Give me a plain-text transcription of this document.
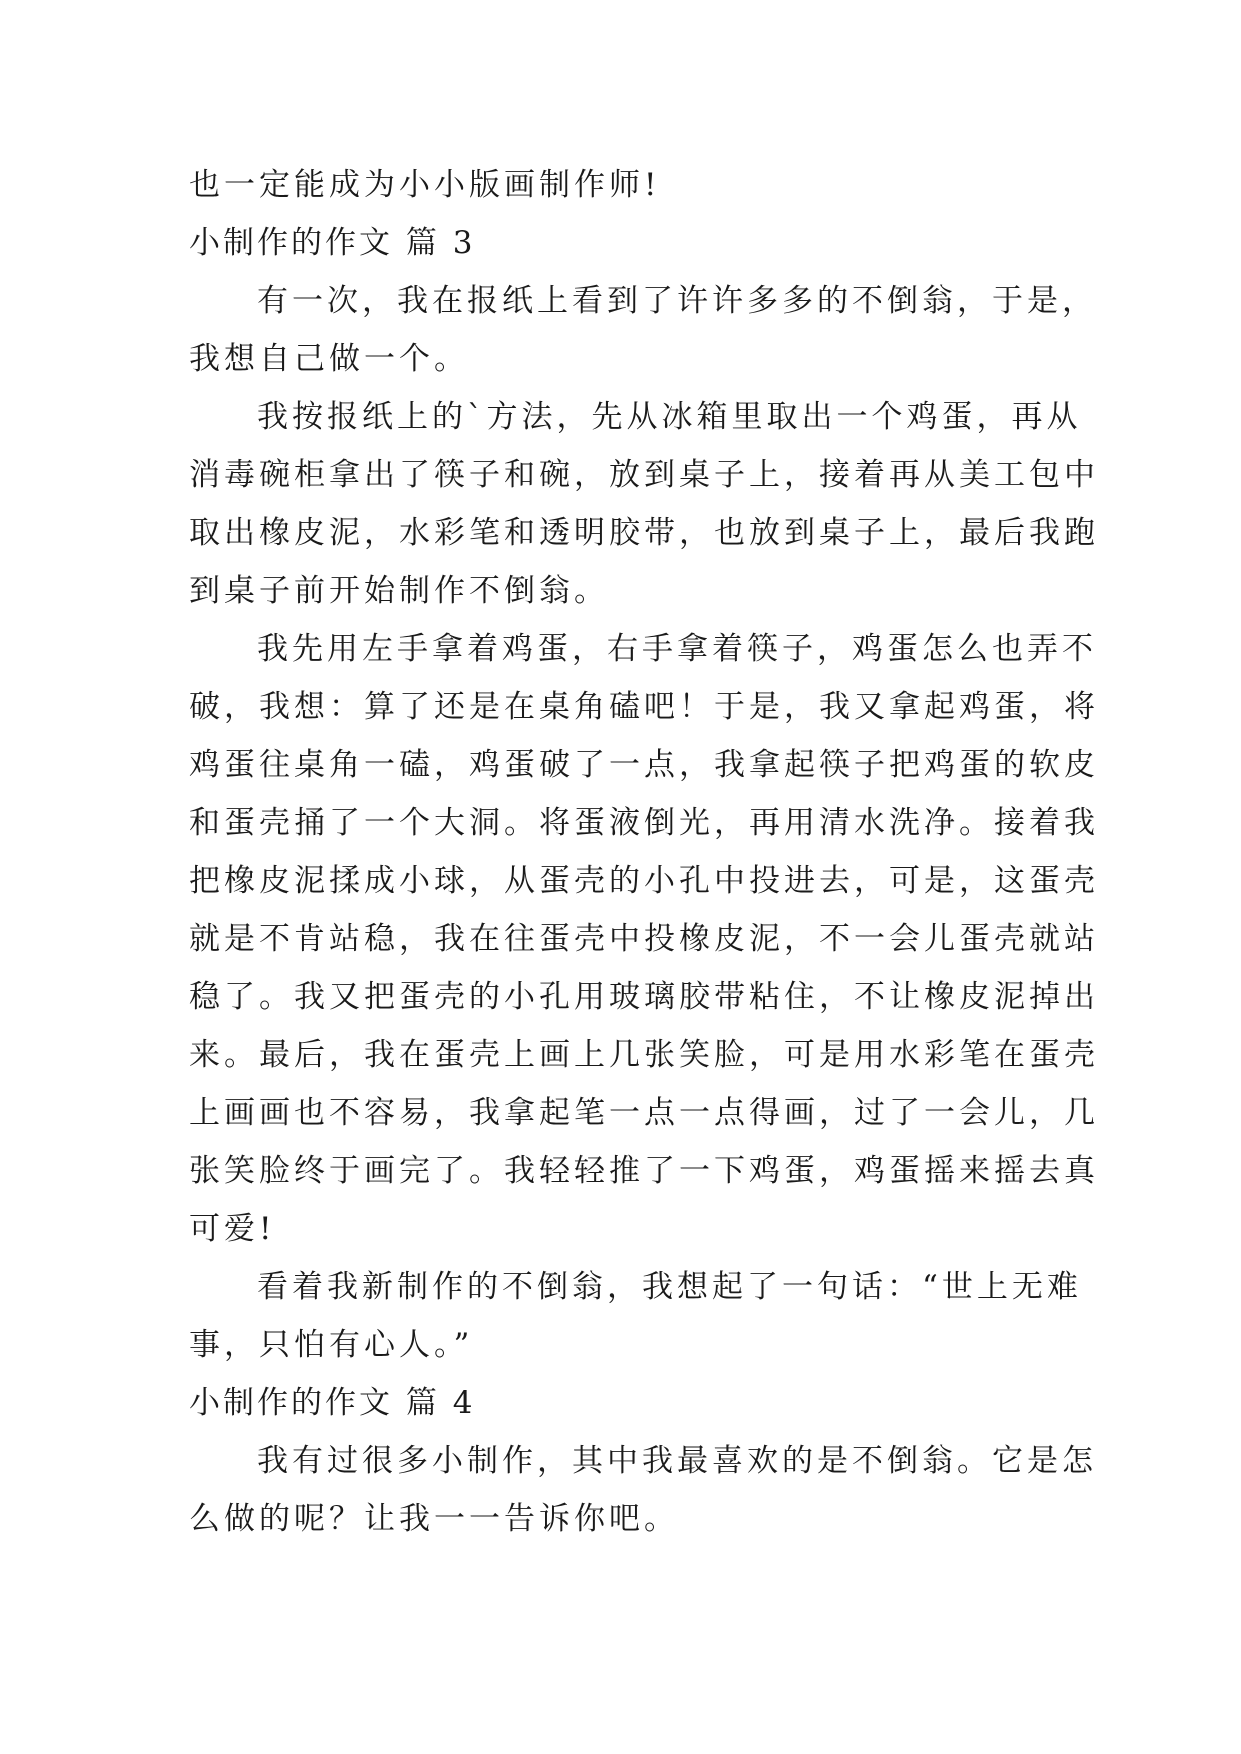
也一定能成为小小版画制作师!
小制作的作文 篇 3
有一次，我在报纸上看到了许许多多的不倒翁，于是，
我想自己做一个。
我按报纸上的`方法，先从冰箱里取出一个鸡蛋，再从
消毒碗柜拿出了筷子和碗，放到桌子上，接着再从美工包中
取出橡皮泥，水彩笔和透明胶带，也放到桌子上，最后我跑
到桌子前开始制作不倒翁。
我先用左手拿着鸡蛋，右手拿着筷子，鸡蛋怎么也弄不
破，我想：算了还是在桌角磕吧！于是，我又拿起鸡蛋，将
鸡蛋往桌角一磕，鸡蛋破了一点，我拿起筷子把鸡蛋的软皮
和蛋壳捅了一个大洞。将蛋液倒光，再用清水洗净。接着我
把橡皮泥揉成小球，从蛋壳的小孔中投进去，可是，这蛋壳
就是不肯站稳，我在往蛋壳中投橡皮泥，不一会儿蛋壳就站
稳了。我又把蛋壳的小孔用玻璃胶带粘住，不让橡皮泥掉出
来。最后，我在蛋壳上画上几张笑脸，可是用水彩笔在蛋壳
上画画也不容易，我拿起笔一点一点得画，过了一会儿，几
张笑脸终于画完了。我轻轻推了一下鸡蛋，鸡蛋摇来摇去真
可爱!
看着我新制作的不倒翁，我想起了一句话：“世上无难
事，只怕有心人。”
小制作的作文 篇 4
我有过很多小制作，其中我最喜欢的是不倒翁。它是怎
么做的呢？让我一一告诉你吧。
